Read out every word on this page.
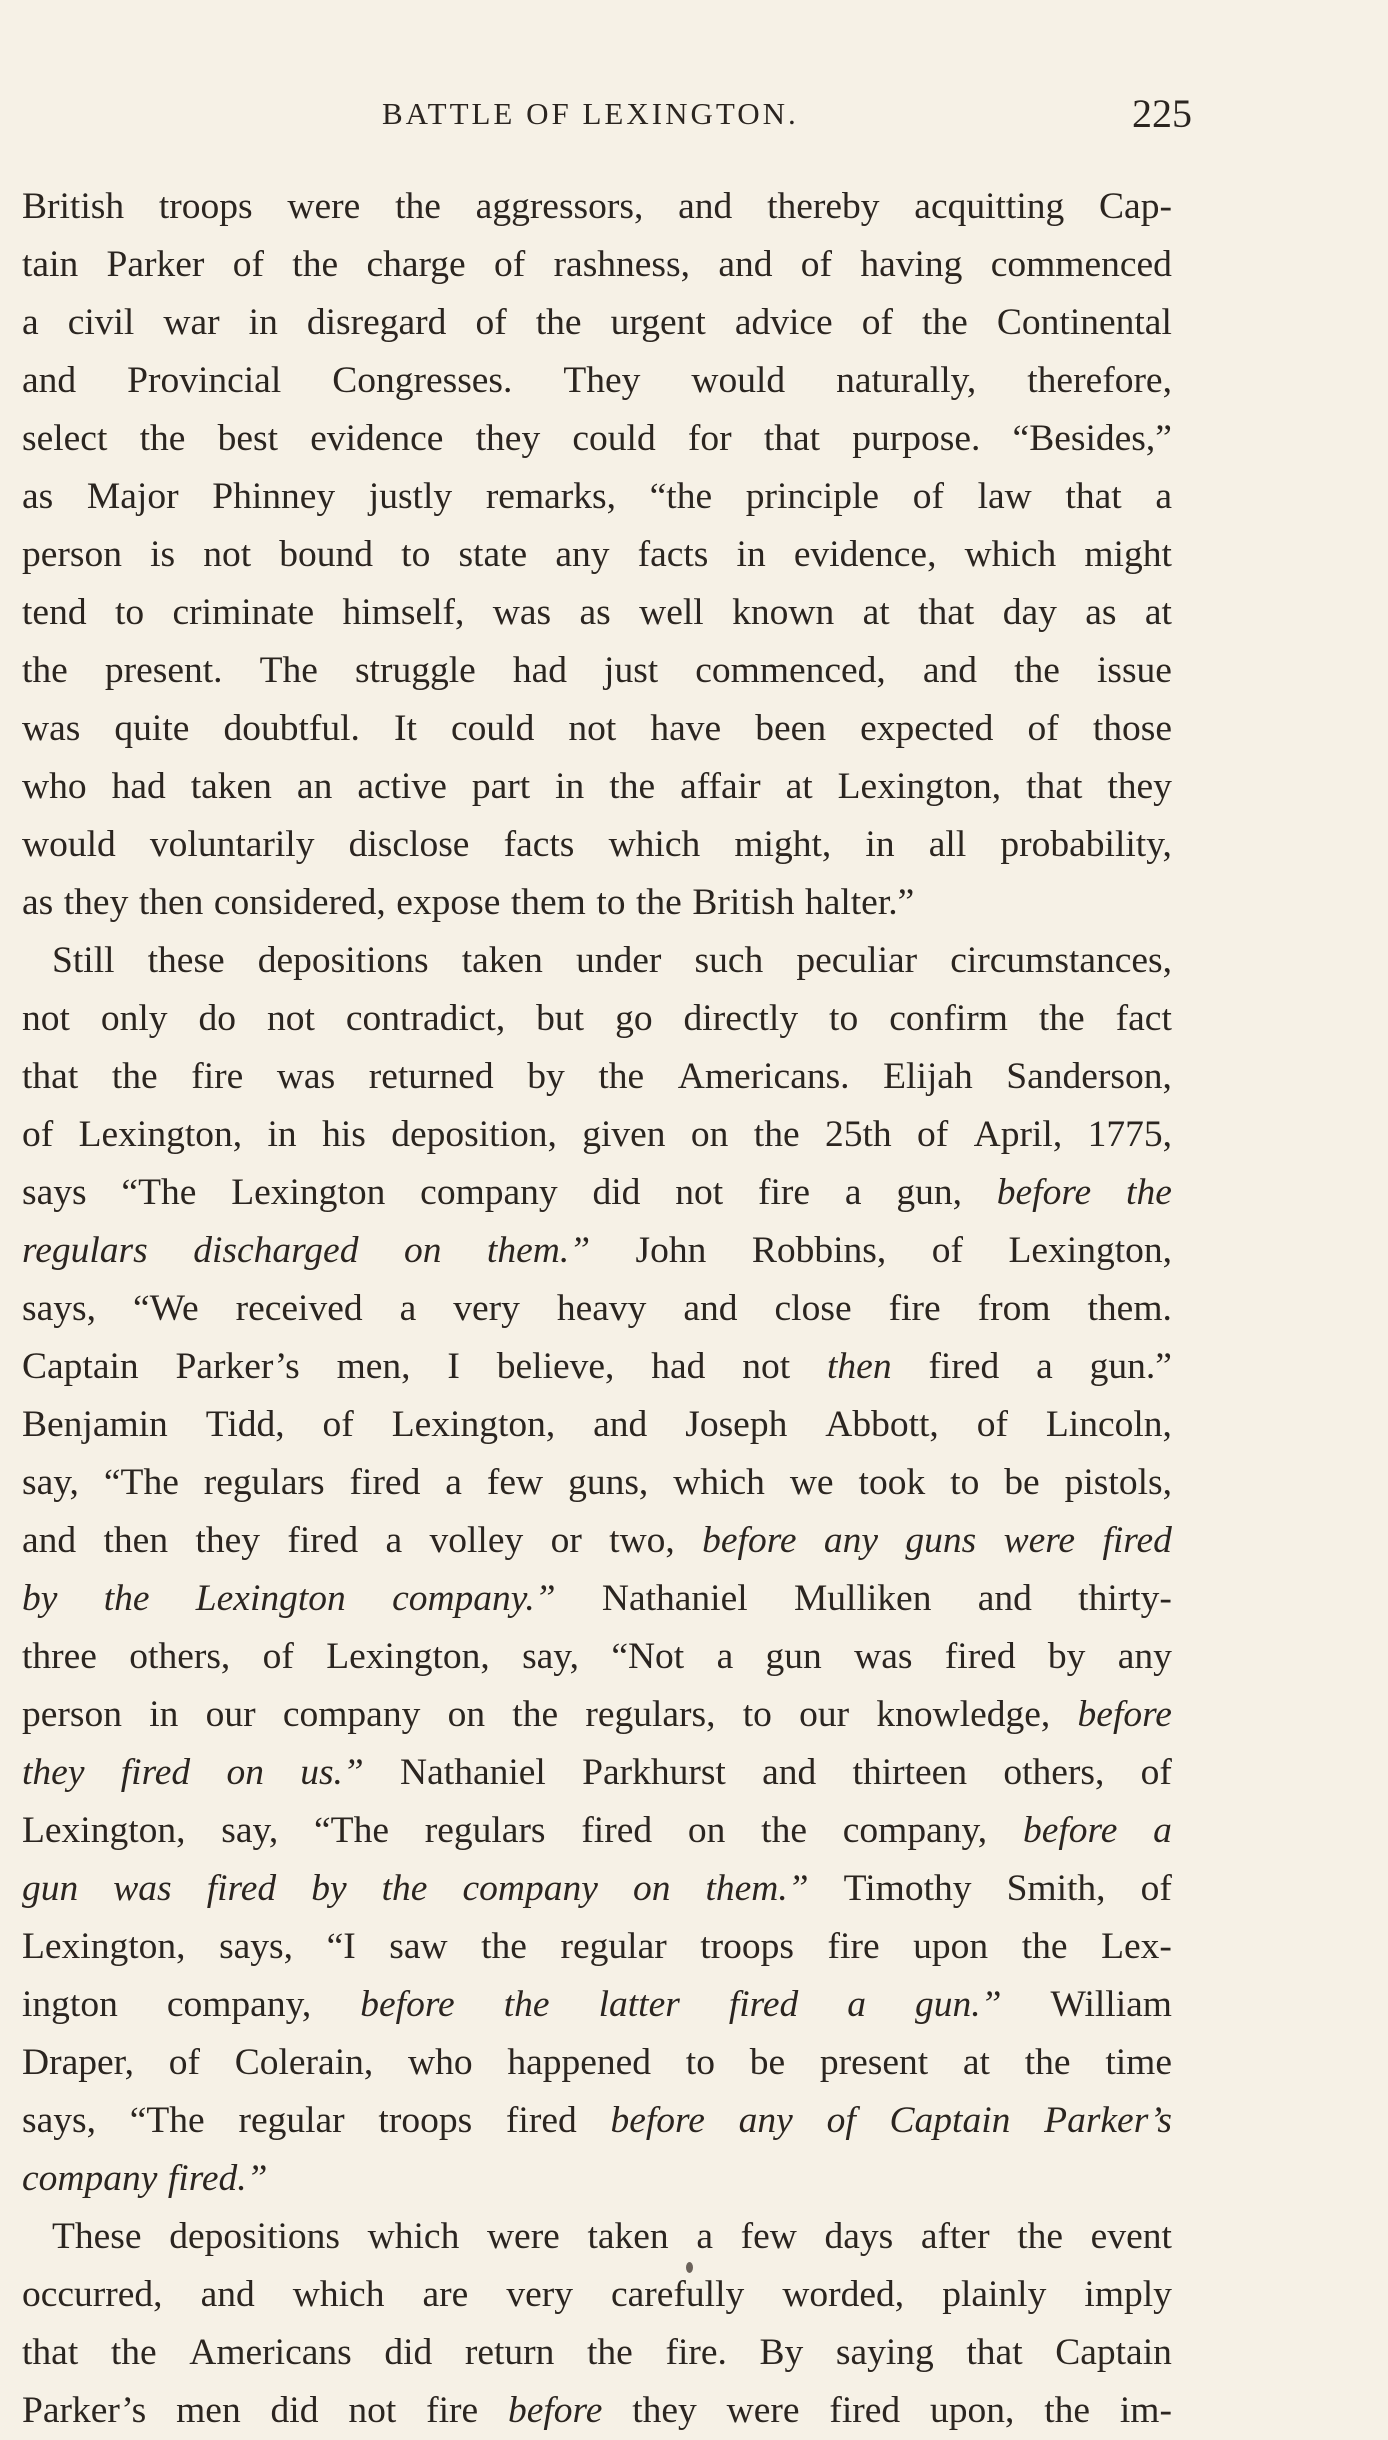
BATTLE OF LEXINGTON.	225
British troops were the aggressors, and thereby acquitting Cap-
tain Parker of the charge of rashness, and of having commenced
a civil war in disregard of the urgent advice of the Continental
and Provincial Congresses. They would naturally, therefore,
select the best evidence they could for that purpose. “Besides,”
as Major Phinney justly remarks, “the principle of law that a
person is not bound to state any facts in evidence, which might
tend to criminate himself, was as well known at that day as at
the present. The struggle had just commenced, and the issue
was quite doubtful. It could not have been expected of those
who had taken an active part in the affair at Lexington, that they
would voluntarily disclose facts which might, in all probability,
as they then considered, expose them to the British halter.”
Still these depositions taken under such peculiar circumstances,
not only do not contradict, but go directly to confirm the fact
that the fire was returned by the Americans. Elijah Sanderson,
of Lexington, in his deposition, given on the 25th of April, 1775,
says “The Lexington company did not fire a gun, before the
regulars discharged on them.” John Robbins, of Lexington,
says, “We received a very heavy and close fire from them.
Captain Parker’s men, I believe, had not then fired a gun.”
Benjamin Tidd, of Lexington, and Joseph Abbott, of Lincoln,
say, “The regulars fired a few guns, which we took to be pistols,
and then they fired a volley or two, before any guns were fired
by the Lexington company.” Nathaniel Mulliken and thirty-
three others, of Lexington, say, “Not a gun was fired by any
person in our company on the regulars, to our knowledge, before
they fired on us.” Nathaniel Parkhurst and thirteen others, of
Lexington, say, “The regulars fired on the company, before a
gun was fired by the company on them.” Timothy Smith, of
Lexington, says, “I saw the regular troops fire upon the Lex-
ington company, before the latter fired a gun.” William
Draper, of Colerain, who happened to be present at the time
says, “The regular troops fired before any of Captain Parker’s
company fired.”
These depositions which were taken a few days after the event
occurred, and which are very carefully worded, plainly imply
that the Americans did return the fire. By saying that Captain
Parker’s men did not fire before they were fired upon, the im-
